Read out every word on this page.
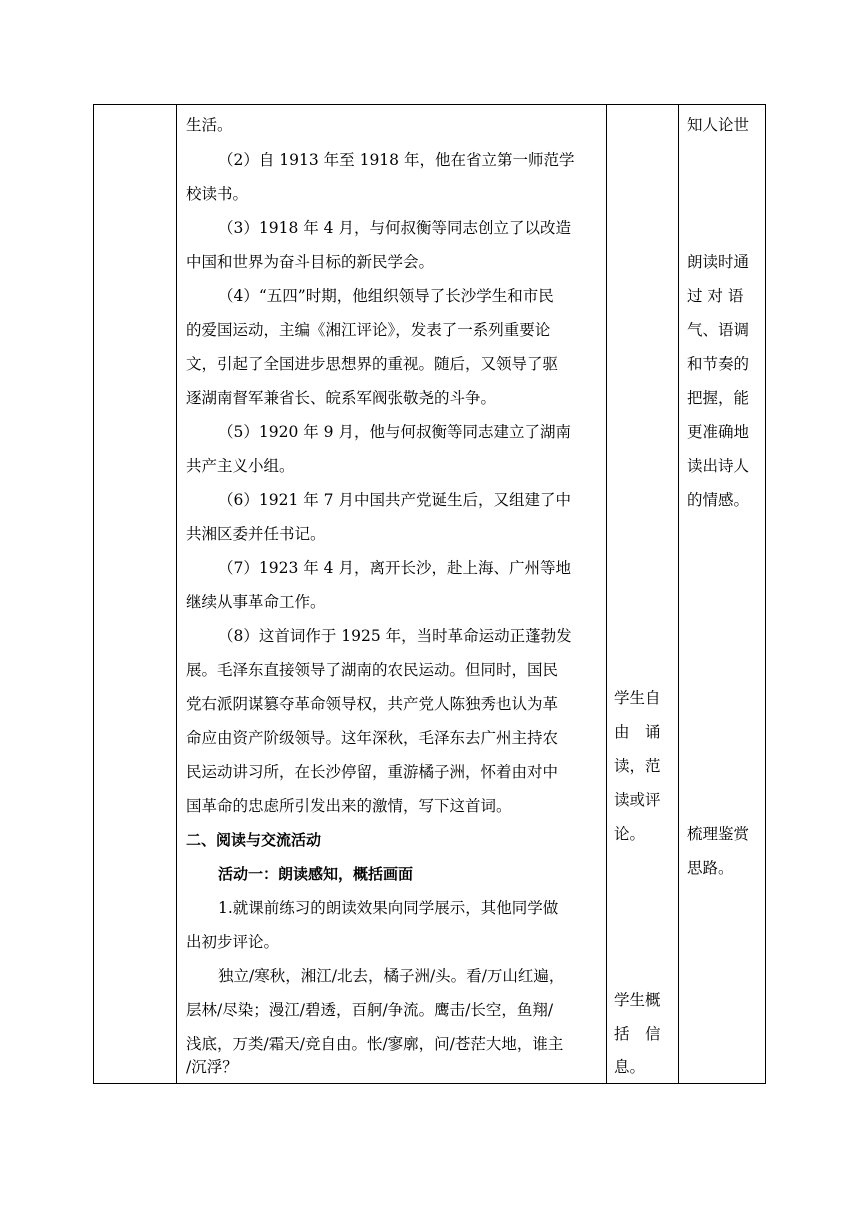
生活。
（2）自 1913 年至 1918 年，他在省立第一师范学
校读书。
（3）1918 年 4 月，与何叔衡等同志创立了以改造
中国和世界为奋斗目标的新民学会。
（4）“五四”时期，他组织领导了长沙学生和市民
的爱国运动，主编《湘江评论》，发表了一系列重要论
文，引起了全国进步思想界的重视。随后，又领导了驱
逐湖南督军兼省长、皖系军阀张敬尧的斗争。
（5）1920 年 9 月，他与何叔衡等同志建立了湖南
共产主义小组。
（6）1921 年 7 月中国共产党诞生后，又组建了中
共湘区委并任书记。
（7）1923 年 4 月，离开长沙，赴上海、广州等地
继续从事革命工作。
（8）这首词作于 1925 年，当时革命运动正蓬勃发
展。毛泽东直接领导了湖南的农民运动。但同时，国民
党右派阴谋篡夺革命领导权，共产党人陈独秀也认为革
命应由资产阶级领导。这年深秋，毛泽东去广州主持农
民运动讲习所，在长沙停留，重游橘子洲，怀着由对中
国革命的忠虑所引发出来的激情，写下这首词。
二、阅读与交流活动
活动一：朗读感知，概括画面
1.就课前练习的朗读效果向同学展示，其他同学做
出初步评论。
独立/寒秋，湘江/北去，橘子洲/头。看/万山红遍，
层林/尽染；漫江/碧透，百舸/争流。鹰击/长空，鱼翔/
浅底，万类/霜天/竞自由。怅/寥廓，问/苍茫大地，谁主
/沉浮？
学生自
由　诵
读，范
读或评
论。
学生概
括　信
息。
知人论世
朗读时通
过 对 语
气、语调
和节奏的
把握，能
更准确地
读出诗人
的情感。
梳理鉴赏
思路。
